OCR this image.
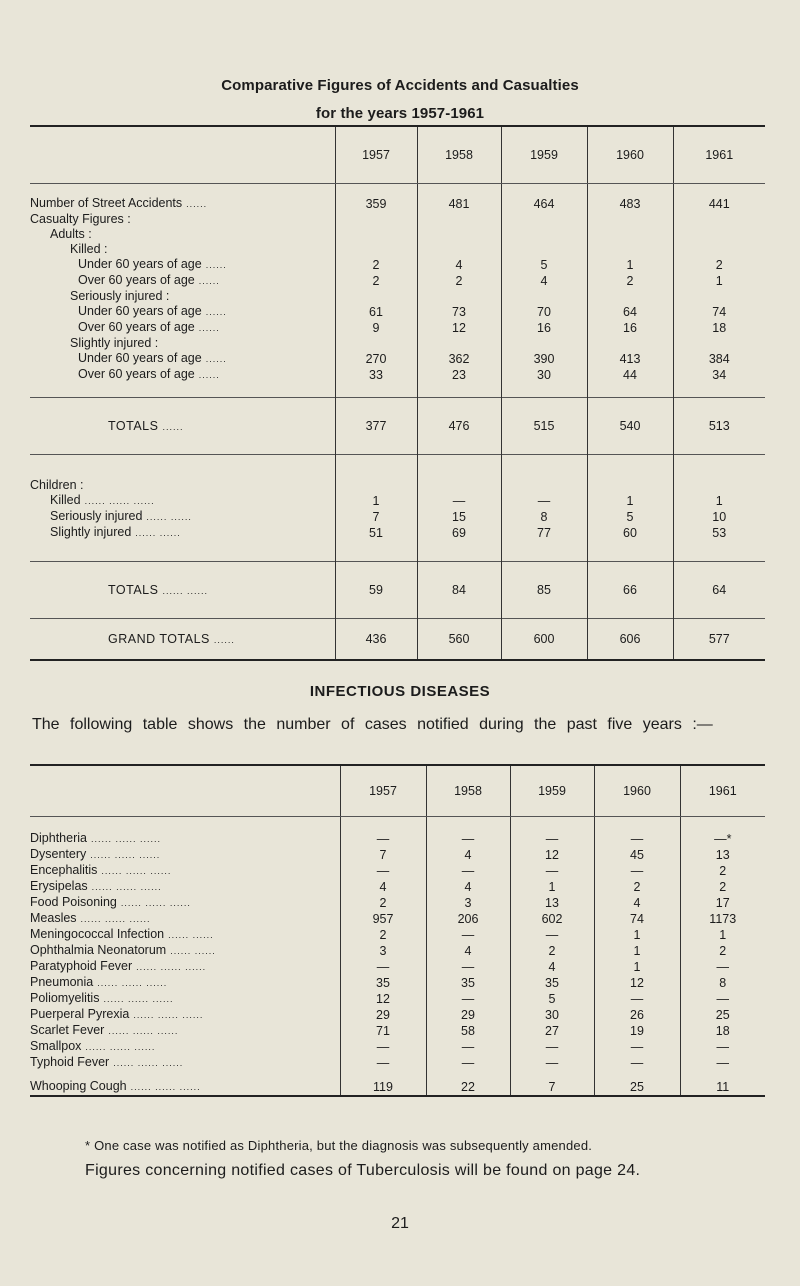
Comparative Figures of Accidents and Casualties
for the years 1957-1961
	1957	1958	1959	1960	1961

Number of Street Accidents ......	359	481	464	483	441
Casualty Figures :					
Adults :					
Killed :					
Under 60 years of age ......	2	4	5	1	2
Over 60 years of age ......	2	2	4	2	1
Seriously injured :					
Under 60 years of age ......	61	73	70	64	74
Over 60 years of age ......	9	12	16	16	18
Slightly injured :					
Under 60 years of age ......	270	362	390	413	384
Over 60 years of age ......	33	23	30	44	34

TOTALS ......	377	476	515	540	513
Children :					
Killed ...... ...... ......	1	—	—	1	1
Seriously injured ...... ......	7	15	8	5	10
Slightly injured ...... ......	51	69	77	60	53

TOTALS ...... ......	59	84	85	66	64
GRAND TOTALS ......	436	560	600	606	577
INFECTIOUS DISEASES
The following table shows the number of cases notified during the past five years :—
	1957	1958	1959	1960	1961
Diphtheria ...... ...... ......	—	—	—	—	—*
Dysentery ...... ...... ......	7	4	12	45	13
Encephalitis ...... ...... ......	—	—	—	—	2
Erysipelas ...... ...... ......	4	4	1	2	2
Food Poisoning ...... ...... ......	2	3	13	4	17
Measles ...... ...... ......	957	206	602	74	1173
Meningococcal Infection ...... ......	2	—	—	1	1
Ophthalmia Neonatorum ...... ......	3	4	2	1	2
Paratyphoid Fever ...... ...... ......	—	—	4	1	—
Pneumonia ...... ...... ......	35	35	35	12	8
Poliomyelitis ...... ...... ......	12	—	5	—	—
Puerperal Pyrexia ...... ...... ......	29	29	30	26	25
Scarlet Fever ...... ...... ......	71	58	27	19	18
Smallpox ...... ...... ......	—	—	—	—	—
Typhoid Fever ...... ...... ......	—	—	—	—	—
Whooping Cough ...... ...... ......	119	22	7	25	11
* One case was notified as Diphtheria, but the diagnosis was subsequently amended.
Figures concerning notified cases of Tuberculosis will be found on page 24.
21
